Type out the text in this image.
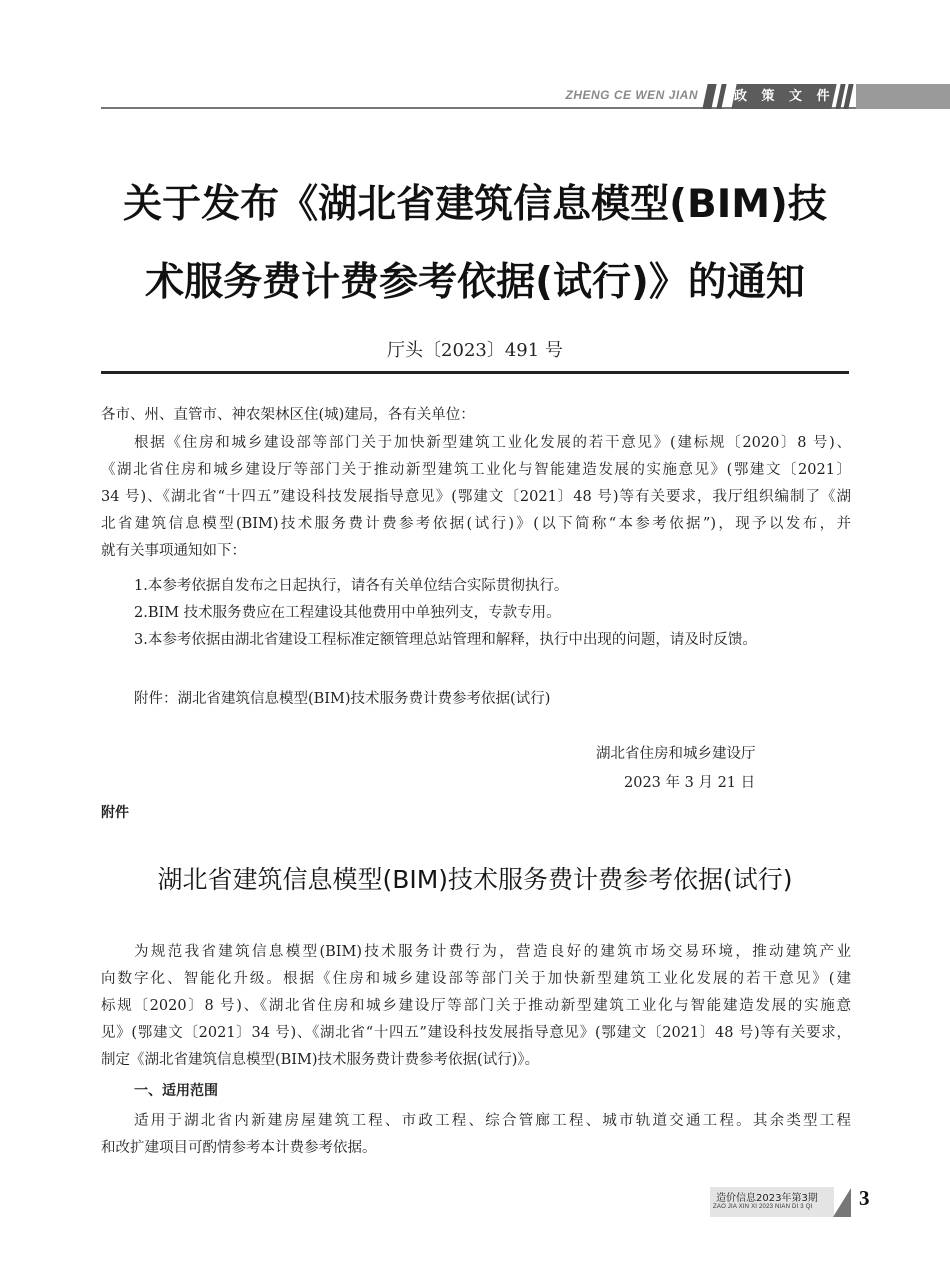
ZHENG CE WEN JIAN	政 策 文 件
关于发布《湖北省建筑信息模型(BIM)技
术服务费计费参考依据(试行)》的通知
厅头〔2023〕491 号
各市、州、直管市、神农架林区住(城)建局，各有关单位：
根据《住房和城乡建设部等部门关于加快新型建筑工业化发展的若干意见》(建标规〔2020〕8 号)、
《湖北省住房和城乡建设厅等部门关于推动新型建筑工业化与智能建造发展的实施意见》(鄂建文〔2021〕
34 号)、《湖北省“十四五”建设科技发展指导意见》(鄂建文〔2021〕48 号)等有关要求，我厅组织编制了《湖
北省建筑信息模型(BIM)技术服务费计费参考依据(试行)》(以下简称“本参考依据”)，现予以发布，并
就有关事项通知如下：
1.本参考依据自发布之日起执行，请各有关单位结合实际贯彻执行。
2.BIM 技术服务费应在工程建设其他费用中单独列支，专款专用。
3.本参考依据由湖北省建设工程标准定额管理总站管理和解释，执行中出现的问题，请及时反馈。
附件：湖北省建筑信息模型(BIM)技术服务费计费参考依据(试行)
湖北省住房和城乡建设厅
2023 年 3 月 21 日
附件
湖北省建筑信息模型(BIM)技术服务费计费参考依据(试行)
为规范我省建筑信息模型(BIM)技术服务计费行为，营造良好的建筑市场交易环境，推动建筑产业
向数字化、智能化升级。根据《住房和城乡建设部等部门关于加快新型建筑工业化发展的若干意见》(建
标规〔2020〕8 号)、《湖北省住房和城乡建设厅等部门关于推动新型建筑工业化与智能建造发展的实施意
见》(鄂建文〔2021〕34 号)、《湖北省“十四五”建设科技发展指导意见》(鄂建文〔2021〕48 号)等有关要求，
制定《湖北省建筑信息模型(BIM)技术服务费计费参考依据(试行)》。
一、适用范围
适用于湖北省内新建房屋建筑工程、市政工程、综合管廊工程、城市轨道交通工程。其余类型工程
和改扩建项目可酌情参考本计费参考依据。
造价信息2023年第3期
ZAO JIA XIN XI 2023 NIAN DI 3 QI 3
